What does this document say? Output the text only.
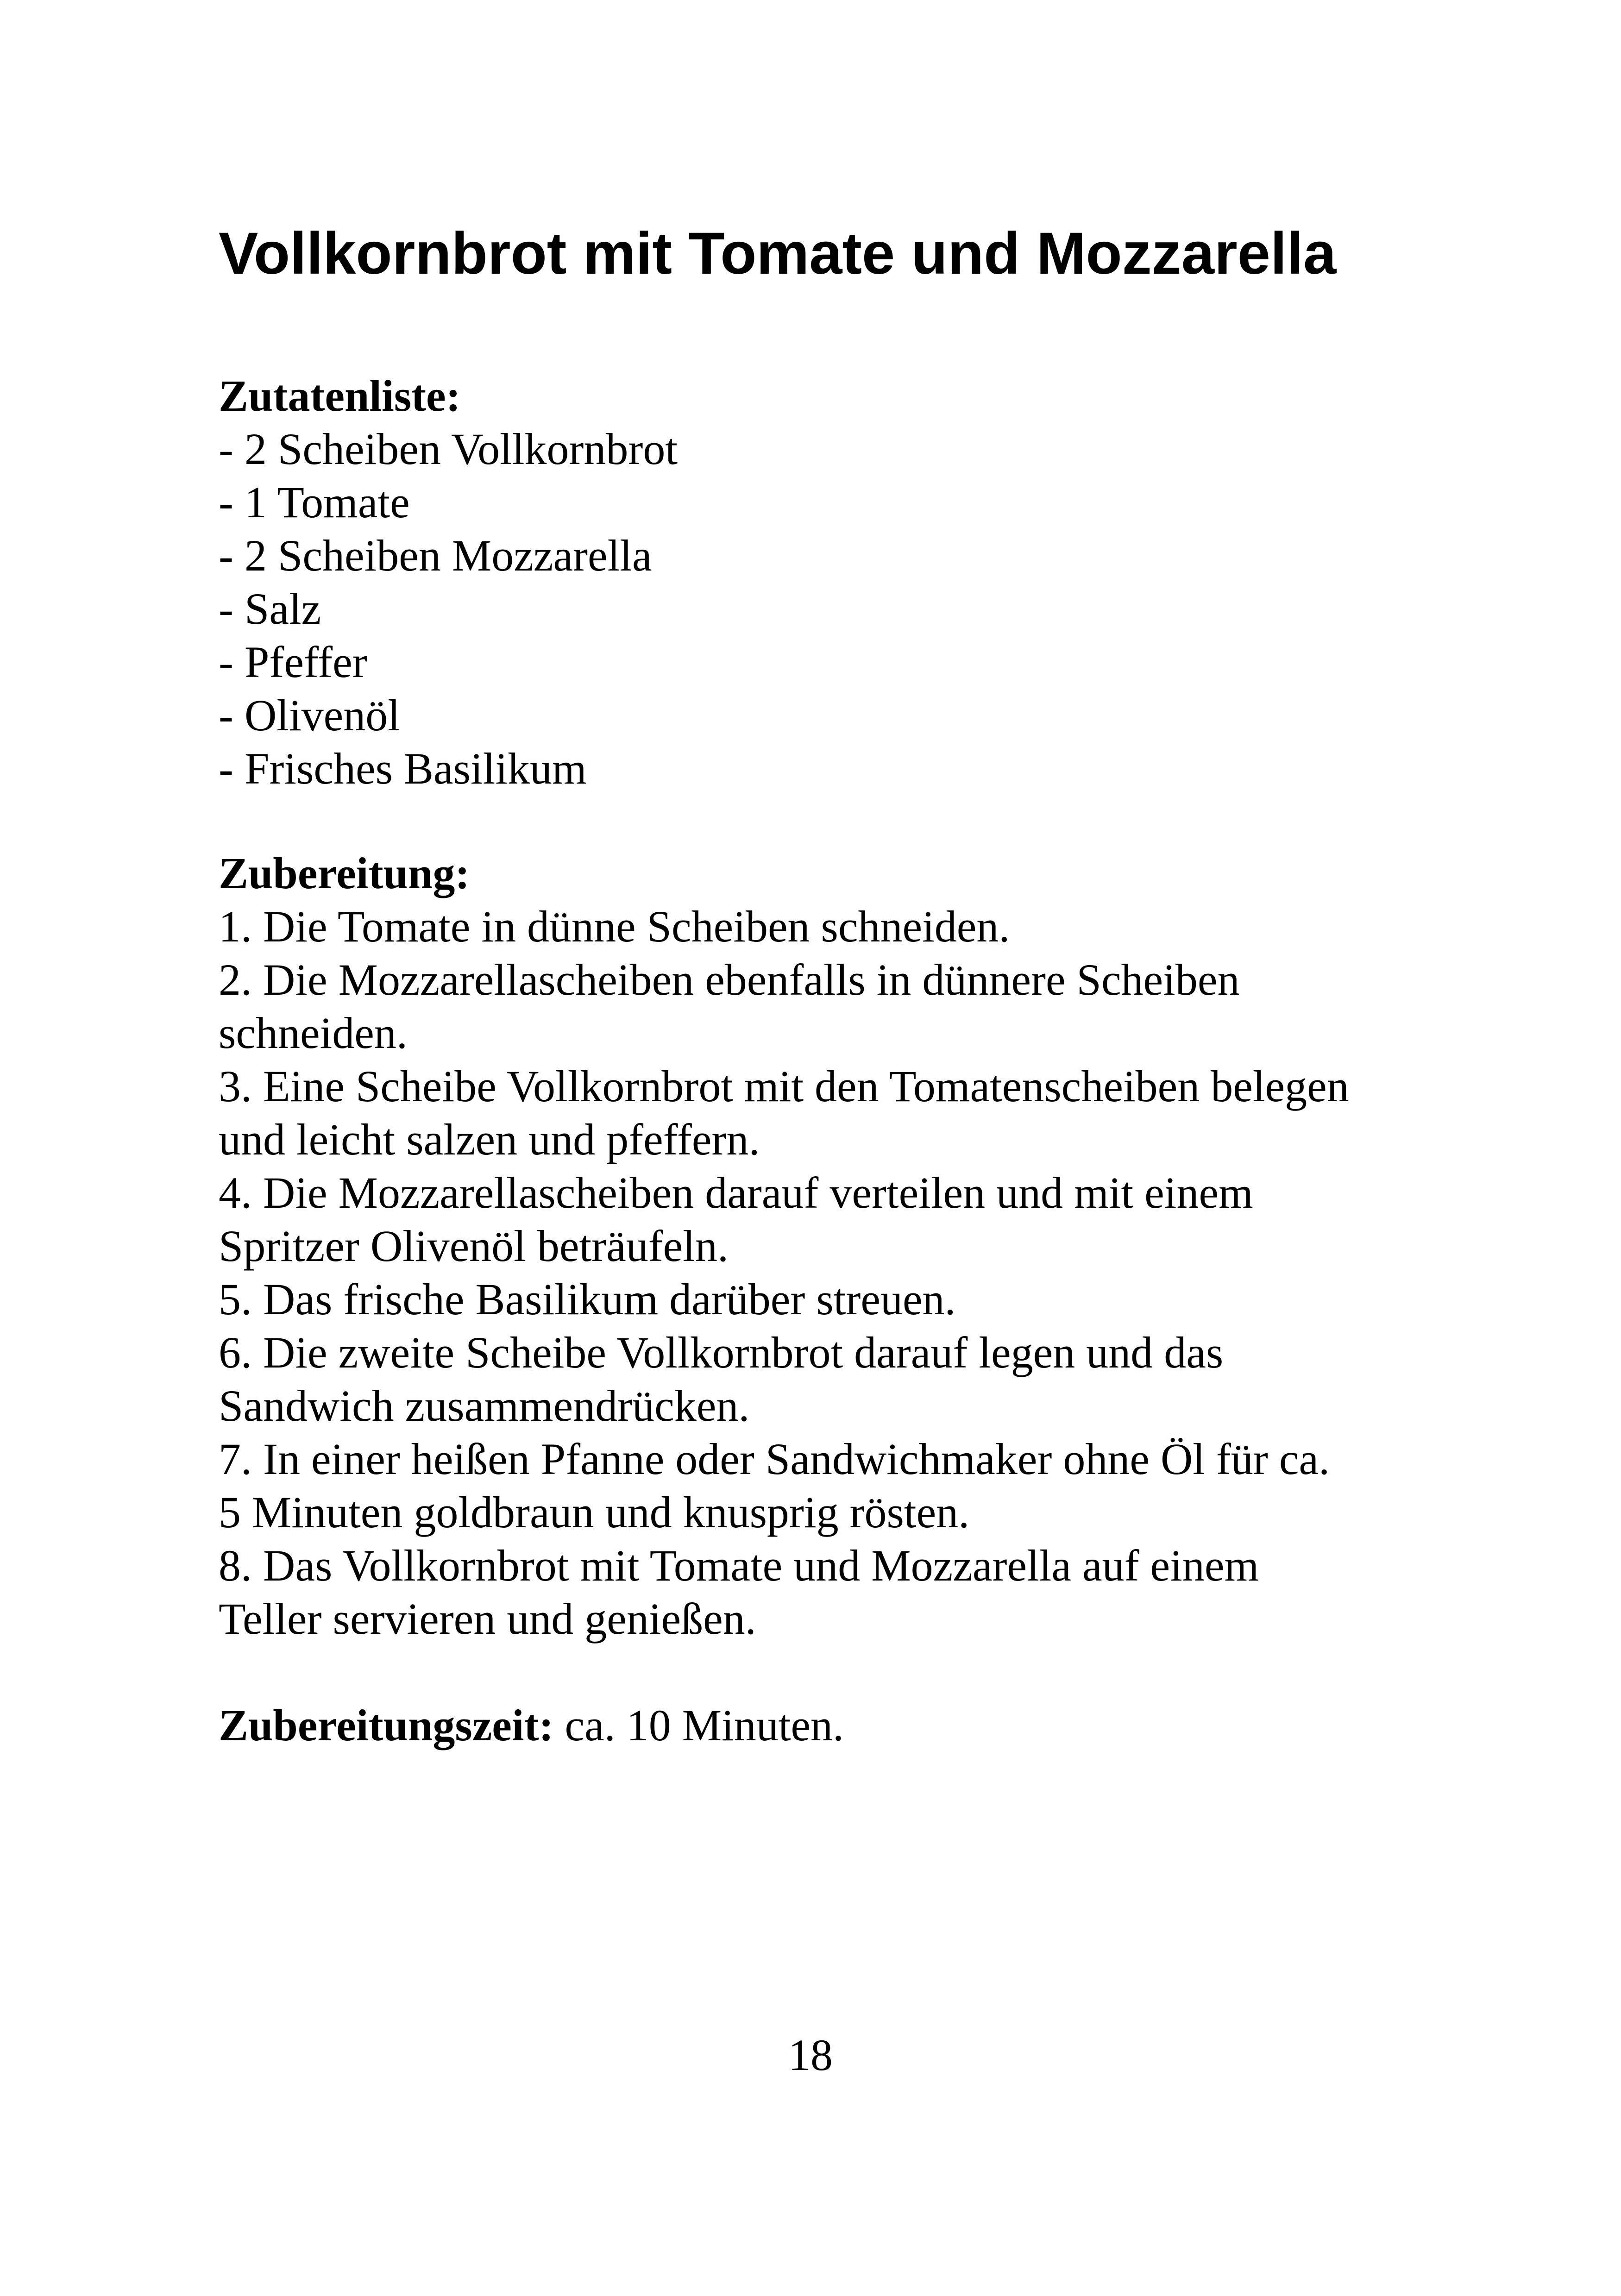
Vollkornbrot mit Tomate und Mozzarella
Zutatenliste:
- 2 Scheiben Vollkornbrot
- 1 Tomate
- 2 Scheiben Mozzarella
- Salz
- Pfeffer
- Olivenöl
- Frisches Basilikum
Zubereitung:
1. Die Tomate in dünne Scheiben schneiden.
2. Die Mozzarellascheiben ebenfalls in dünnere Scheiben
schneiden.
3. Eine Scheibe Vollkornbrot mit den Tomatenscheiben belegen
und leicht salzen und pfeffern.
4. Die Mozzarellascheiben darauf verteilen und mit einem
Spritzer Olivenöl beträufeln.
5. Das frische Basilikum darüber streuen.
6. Die zweite Scheibe Vollkornbrot darauf legen und das
Sandwich zusammendrücken.
7. In einer heißen Pfanne oder Sandwichmaker ohne Öl für ca.
5 Minuten goldbraun und knusprig rösten.
8. Das Vollkornbrot mit Tomate und Mozzarella auf einem
Teller servieren und genießen.
Zubereitungszeit: ca. 10 Minuten.
18
